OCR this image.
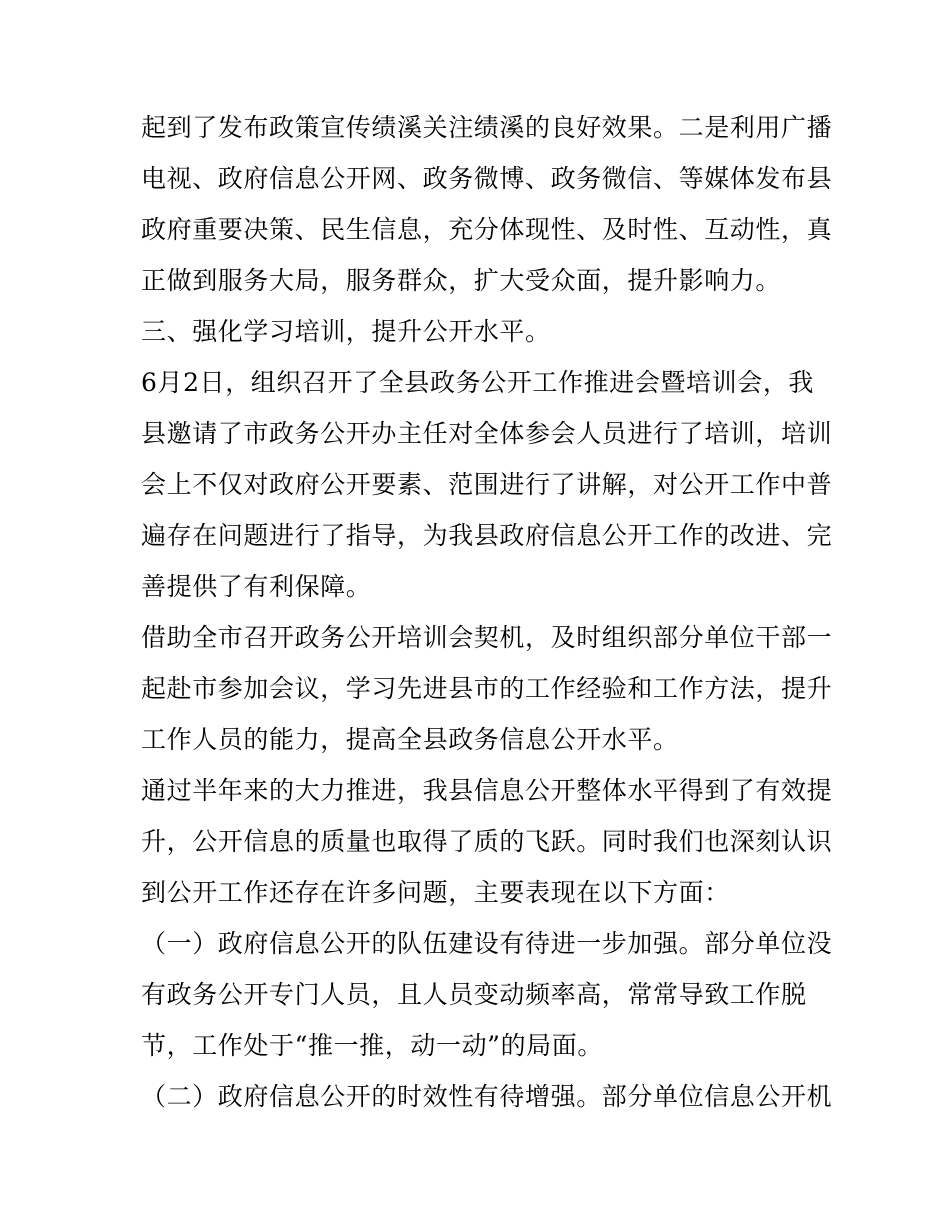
起到了发布政策宣传绩溪关注绩溪的良好效果。二是利用广播
电视、政府信息公开网、政务微博、政务微信、等媒体发布县
政府重要决策、民生信息，充分体现性、及时性、互动性，真
正做到服务大局，服务群众，扩大受众面，提升影响力。
三、强化学习培训，提升公开水平。
6月2日，组织召开了全县政务公开工作推进会暨培训会，我
县邀请了市政务公开办主任对全体参会人员进行了培训，培训
会上不仅对政府公开要素、范围进行了讲解，对公开工作中普
遍存在问题进行了指导，为我县政府信息公开工作的改进、完
善提供了有利保障。
借助全市召开政务公开培训会契机，及时组织部分单位干部一
起赴市参加会议，学习先进县市的工作经验和工作方法，提升
工作人员的能力，提高全县政务信息公开水平。
通过半年来的大力推进，我县信息公开整体水平得到了有效提
升，公开信息的质量也取得了质的飞跃。同时我们也深刻认识
到公开工作还存在许多问题，主要表现在以下方面：
（一）政府信息公开的队伍建设有待进一步加强。部分单位没
有政务公开专门人员，且人员变动频率高，常常导致工作脱
节，工作处于“推一推，动一动”的局面。
（二）政府信息公开的时效性有待增强。部分单位信息公开机
